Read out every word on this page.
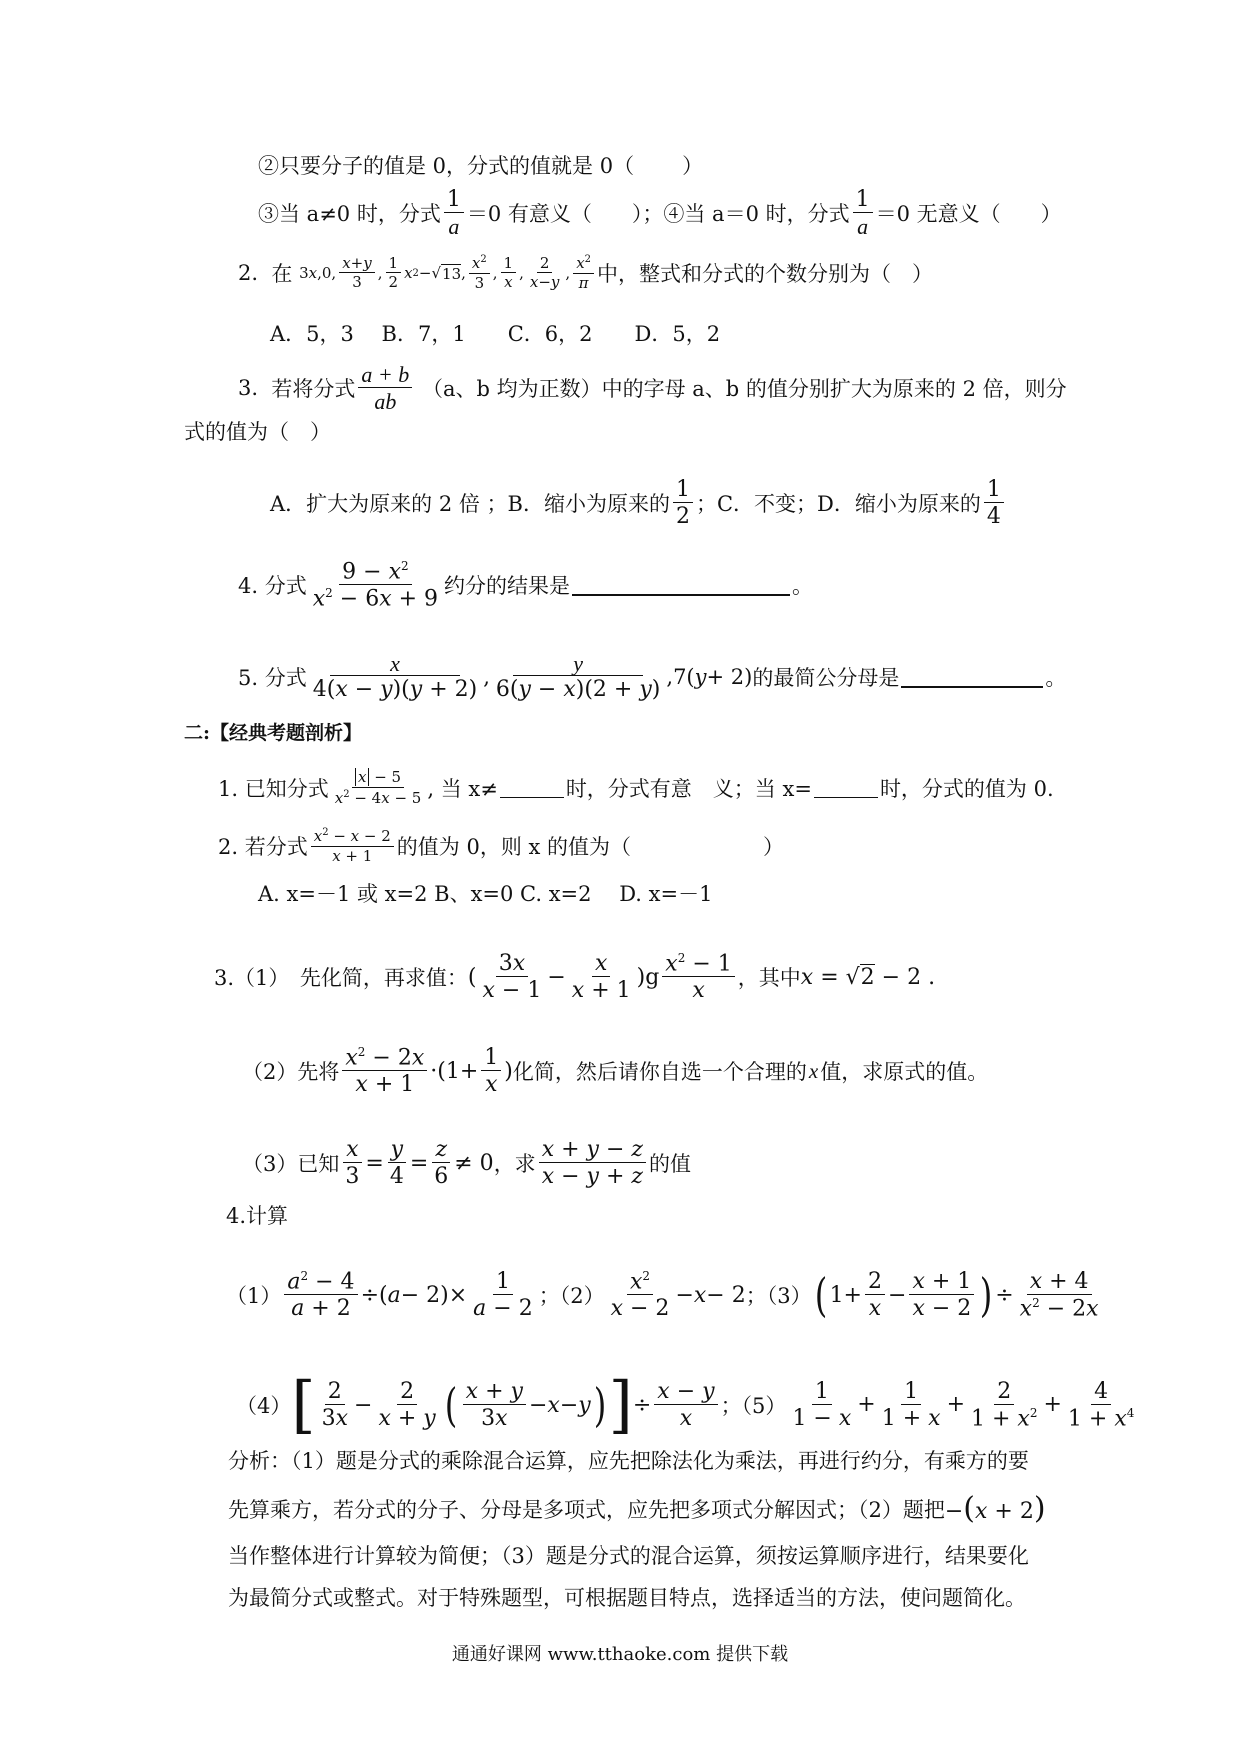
②只要分子的值是 0，分式的值就是 0（ ）
③当 a≠0 时，分式 $\frac{1}{a} =0$ 有意义（ ）； ④当 a＝0 时，分式 $\frac{1}{a} =0$ 无意义（ ）
2.
在
3 x ,0, $\frac{x+y}{3}$ , $\frac{1}{2}$ x 2 −√ 13 , $\frac{x^2}{3}$ , $\frac{1}{x}$ , $\frac{2}{x-y}$ , $\frac{x^2}{\pi}$ 中，整式和分式的个数分别为（　）
A．5，3　 B．7，1　　C．6，2　　D．5，2
3.
若将分式 $\frac{a + b}{ab}$
（a、b 均为正数）中的字母 a、b 的值分别扩大为原来的 2 倍，则分
式的值为（　）
A．扩大为原来的 2 倍 ；B．缩小为原来的 $\frac{1}{2}$ ；C．不变；D．缩小为原来的 $\frac{1}{4}$
4. 分式 $\frac{9 - x^2}{x^2 - 6x + 9}$ 约分的结果是	。
5. 分式 $\frac{x}{4(x - y)(y + 2)}$ , $\frac{y}{6(y - x)(2 + y)} ,7$( y + 2) 的最简公分母是	。
二:【经典考题剖析】
1. 已知分式 $\frac{x - 5}{x^2 - 4x - 5}$ , 当 x≠	时，分式有意　义；当 x=	时，分式的值为 0.
2. 若分式 $\frac{x^2 - x - 2}{x + 1}$ 的值为 0，则 x 的值为（	）
A. x=－1 或 x=2 B、x=0 C. x=2　 D. x=－1
3.（1）　先化简，再求值： ( $\frac{3x}{x - 1} - \frac{x}{x + 1} )g \frac{x^2 - 1}{x}$ ，其中 x = √2 − 2 .
（2）先将 $\frac{x^2 - 2x}{x + 1} \cdot(1+ \frac{1}{x}$ ) 化简，然后请你自选一个合理的 x 值，求原式的值。
（3）已知 $\frac{x}{3} = \frac{y}{4} = \frac{z}{6} \ne 0$ ，求 $\frac{x + y - z}{x - y + z}$ 的值
4.计算
$(1) \frac{a^2 - 4}{a + 2}$ ÷( $a - 2)\times \frac{1}{a - 2}$ ；$(2) \frac{x^2}{x - 2} - x - 2$ ；（3） ( $1+ \frac{2}{x} - \frac{x + 1}{x - 2}$ ) ÷ $\frac{x + 4}{x^2 - 2x}$
（4） [ $\frac{2}{3x} - \frac{2}{x + y}$ ( $\frac{x + y}{3x} - x - y$ ) ] ÷ $\frac{x - y}{x}$ ；$(5) \frac{1}{1 - x} + \frac{1}{1 + x} + \frac{2}{1 + x^2} + \frac{4}{1 + x^4}$
分析：（1）题是分式的乘除混合运算，应先把除法化为乘法，再进行约分，有乘方的要
先算乘方，若分式的分子、分母是多项式，应先把多项式分解因式；（2）题把 −(x + 2)
当作整体进行计算较为简便；（3）题是分式的混合运算，须按运算顺序进行，结果要化
为最简分式或整式。对于特殊题型，可根据题目特点，选择适当的方法，使问题简化。
通通好课网 www.tthaoke.com 提供下载
